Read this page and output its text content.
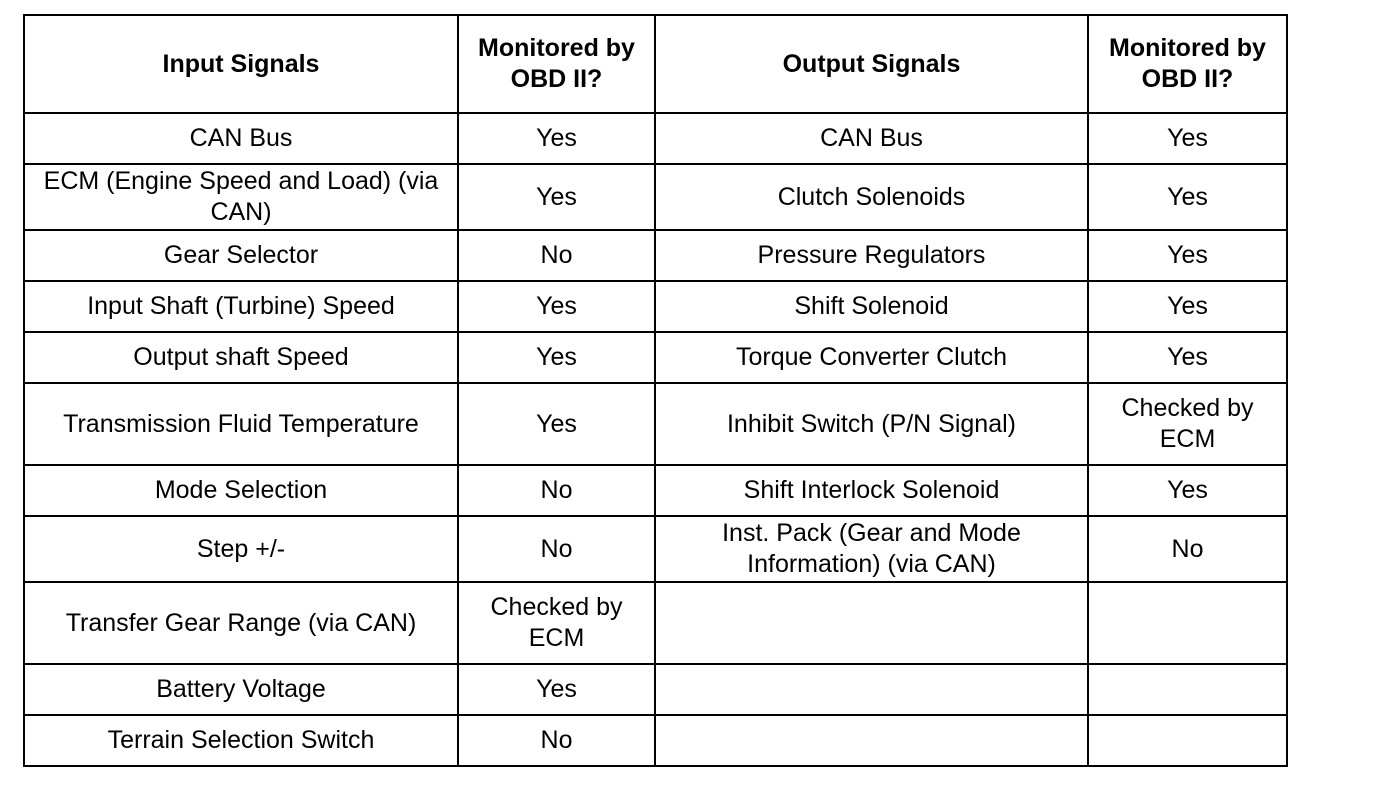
Input Signals	Monitored by OBD II?	Output Signals	Monitored by OBD II?
CAN Bus	Yes	CAN Bus	Yes
ECM (Engine Speed and Load) (via CAN)	Yes	Clutch Solenoids	Yes
Gear Selector	No	Pressure Regulators	Yes
Input Shaft (Turbine) Speed	Yes	Shift Solenoid	Yes
Output shaft Speed	Yes	Torque Converter Clutch	Yes
Transmission Fluid Temperature	Yes	Inhibit Switch (P/N Signal)	Checked by ECM
Mode Selection	No	Shift Interlock Solenoid	Yes
Step +/-	No	Inst. Pack (Gear and Mode Information) (via CAN)	No
Transfer Gear Range (via CAN)	Checked by ECM		
Battery Voltage	Yes		
Terrain Selection Switch	No		
